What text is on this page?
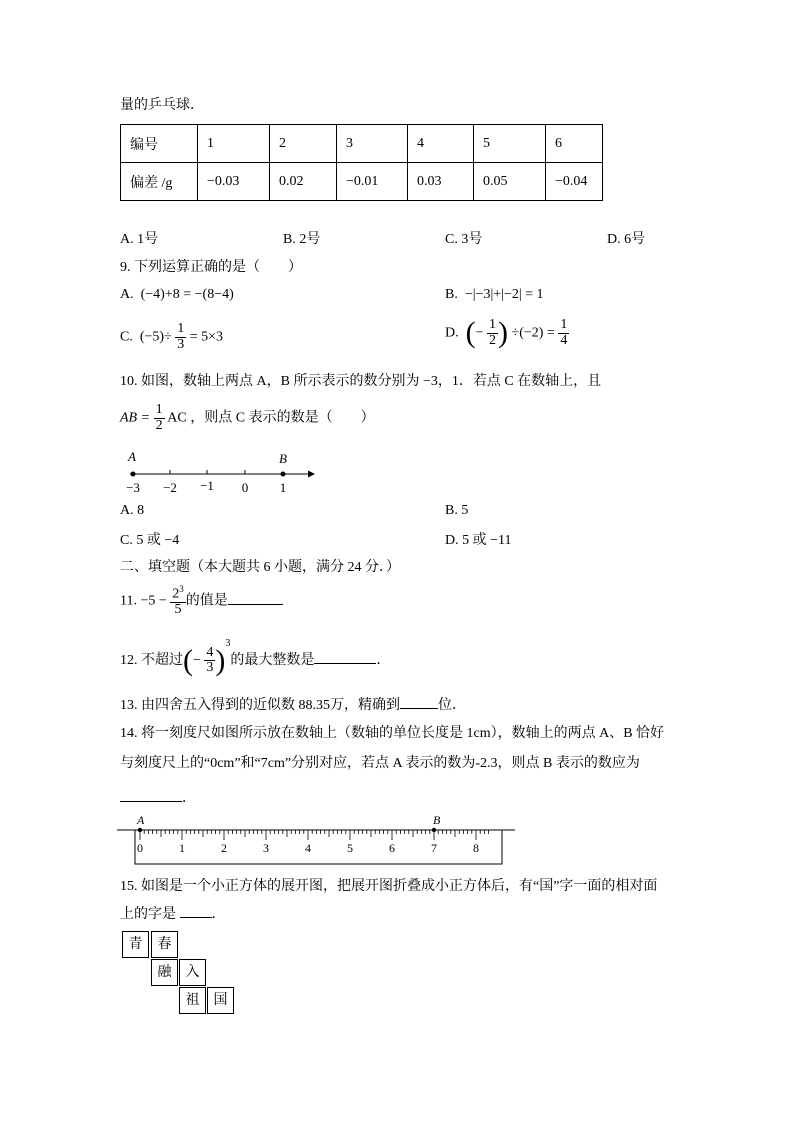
量的乒乓球．
编号	1	2	3	4	5	6
偏差 /g	−0.03	0.02	−0.01	0.03	0.05	−0.04
A. 1号	B. 2号	C. 3号	D. 6号
9. 下列运算正确的是（　　）
A. (−4)+8 = −(8−4)	B. −|−3|+|−2| = 1
C. $(-5)\div \frac{1}{3} = 5\times 3$	D. (− $\frac{1}{2}$ ) $\div(-2) = \frac{1}{4}$
10. 如图，数轴上两点 A，B 所示表示的数分别为 −3，1．若点 C 在数轴上，且
AB = $\frac{1}{2}$ AC ，则点 C 表示的数是（　　）
A	B
−3 −2 −1 0 1
A. 8	B. 5
C. 5 或 −4	D. 5 或 −11
二、填空题（本大题共 6 小题，满分 24 分．）
11. $-5 - \frac{2^3}{5}$ 的值是
12. 不超过(− $\frac{4}{3} )^3$的最大整数是	．
13. 由四舍五入得到的近似数 88.35万，精确到	位．
14. 将一刻度尺如图所示放在数轴上（数轴的单位长度是 1cm），数轴上的两点 A、B 恰好
与刻度尺上的“0cm”和“7cm”分别对应，若点 A 表示的数为-2.3，则点 B 表示的数应为
．
A	B
0	1	2	3	4	5	6	7	8
15. 如图是一个小正方体的展开图，把展开图折叠成小正方体后，有“国”字一面的相对面
上的字是	．
青	春
融	入
祖	国
